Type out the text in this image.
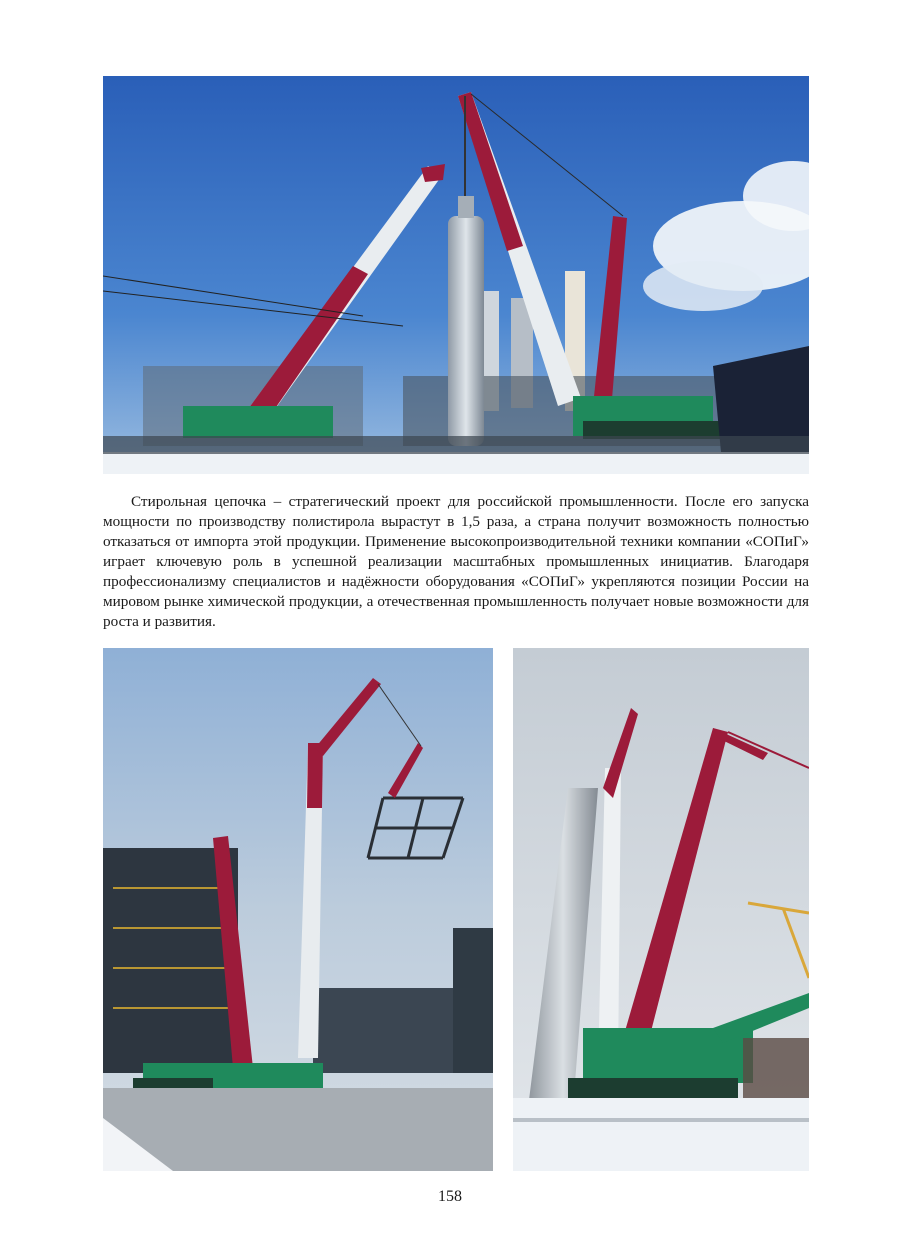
Стирольная цепочка – стратегический проект для российской промышленности. После его запуска мощности по производству полистирола вырастут в 1,5 раза, а страна получит возможность полностью отказаться от импорта этой продукции. Применение высокопроизводительной техники компании «СОПиГ» играет ключевую роль в успешной реализации масштабных промышленных инициатив. Благодаря профессионализму специалистов и надёжности оборудования «СОПиГ» укрепляются позиции России на мировом рынке химической продукции, а отечественная промышленность получает новые возможности для роста и развития.

158
